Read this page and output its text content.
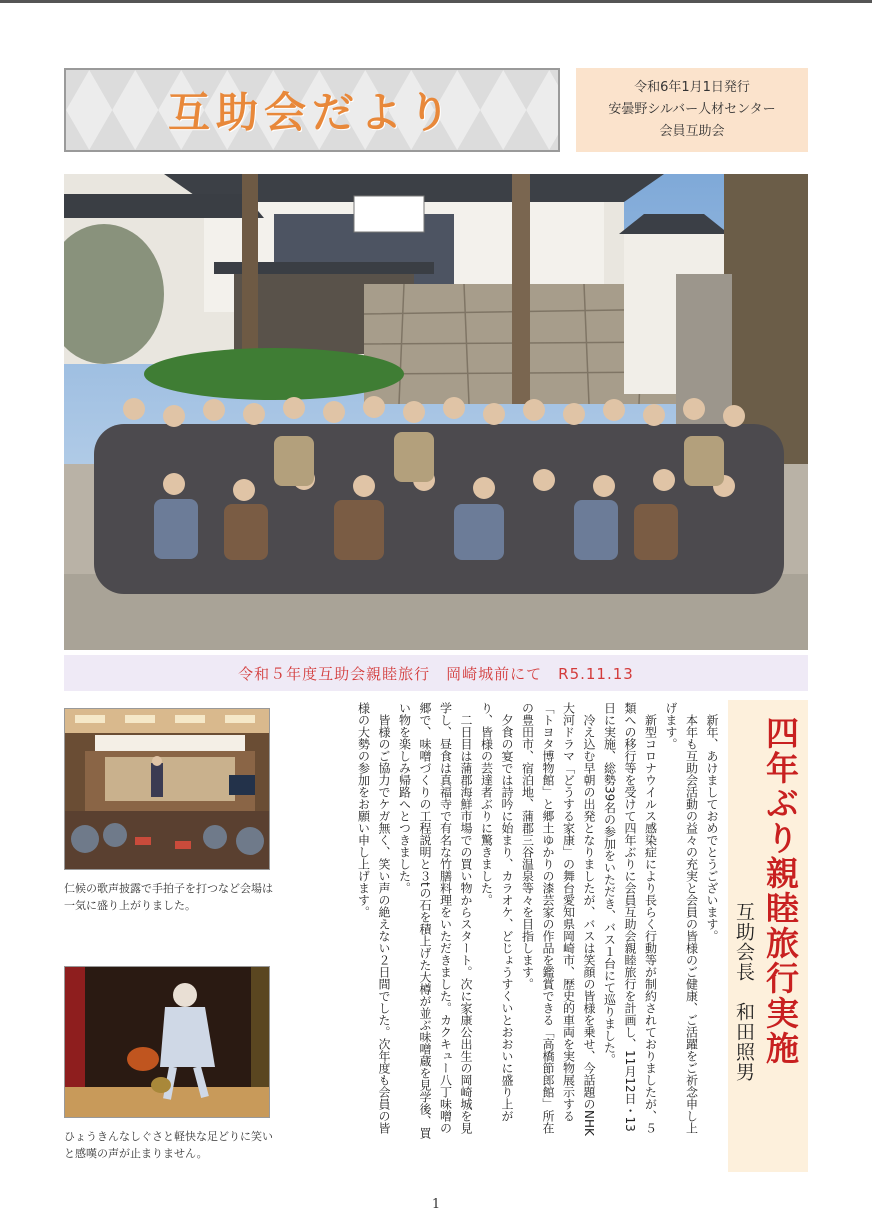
互助会だより
令和6年1月1日発行
安曇野シルバー人材センター
会員互助会
令和５年度互助会親睦旅行　岡崎城前にて　R5.11.13
仁候の歌声披露で手拍子を打つなど会場は一気に盛り上がりました。
ひょうきんなしぐさと軽快な足どりに笑いと感嘆の声が止まりません。

新年、あけましておめでとうございます。

本年も互助会活動の益々の充実と会員の皆様のご健康、ご活躍をご祈念申し上げます。

新型コロナウイルス感染症により長らく行動等が制約されておりましたが、５類への移行等を受けて四年ぶりに会員互助会親睦旅行を計画し、11月12日・13日に実施、総勢39名の参加をいただき、バス１台にて巡りました。

冷え込む早朝の出発となりましたが、バスは笑顔の皆様を乗せ、今話題のNHK大河ドラマ「どうする家康」の舞台愛知県岡崎市、歴史的車両を実物展示する「トヨタ博物館」と郷土ゆかりの漆芸家の作品を鑑賞できる「高橋節郎館」所在の豊田市、宿泊地、蒲郡三谷温泉等々を目指します。

夕食の宴では詩吟に始まり、カラオケ、どじょうすくいとおおいに盛り上がり、皆様の芸達者ぶりに驚きました。

二日目は蒲郡海鮮市場での買い物からスタート。次に家康公出生の岡崎城を見学し、昼食は真福寺で有名な竹膳料理をいただきました。カクキュー八丁味噌の郷で、味噌づくりの工程説明と３tの石を積上げた大樽が並ぶ味噌蔵を見学後、買い物を楽しみ帰路へとつきました。

皆様のご協力でケガ無く、笑い声の絶えない２日間でした。次年度も会員の皆様の大勢の参加をお願い申し上げます。	四年ぶり親睦旅行実施
互助会長　和田照男
1
